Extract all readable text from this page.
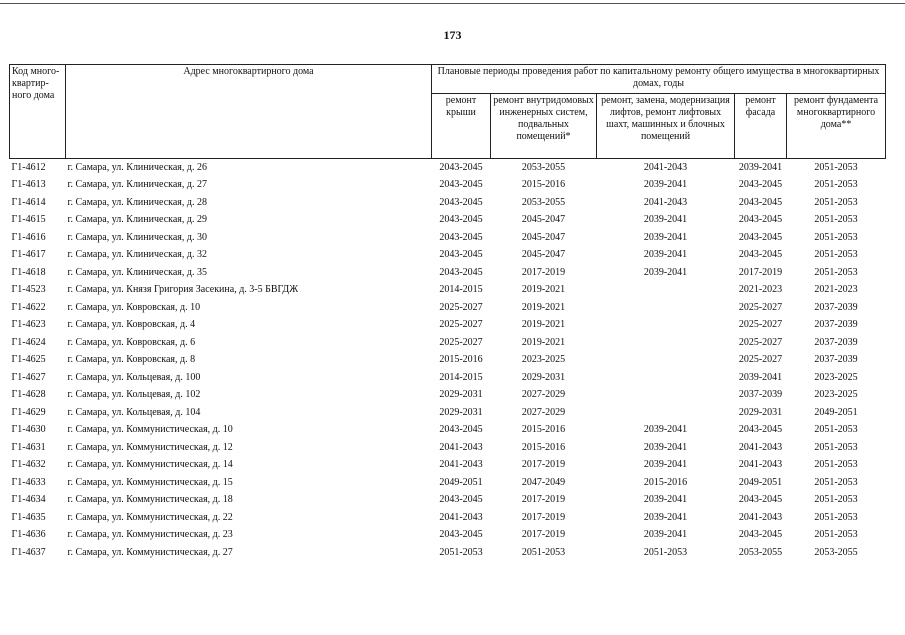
173
Код много-квартир-ного дома	Адрес многоквартирного дома	Плановые периоды проведения работ по капитальному ремонту общего имущества в многоквартирных домах, годы				
		ремонт крыши	ремонт внутридомовых инженерных систем, подвальных помещений*	ремонт, замена, модернизация лифтов, ремонт лифтовых шахт, машинных и блочных помещений	ремонт фасада	ремонт фундамента многоквартирного дома**
Г1-4612	г. Самара, ул. Клиническая, д. 26	2043-2045	2053-2055	2041-2043	2039-2041	2051-2053
Г1-4613	г. Самара, ул. Клиническая, д. 27	2043-2045	2015-2016	2039-2041	2043-2045	2051-2053
Г1-4614	г. Самара, ул. Клиническая, д. 28	2043-2045	2053-2055	2041-2043	2043-2045	2051-2053
Г1-4615	г. Самара, ул. Клиническая, д. 29	2043-2045	2045-2047	2039-2041	2043-2045	2051-2053
Г1-4616	г. Самара, ул. Клиническая, д. 30	2043-2045	2045-2047	2039-2041	2043-2045	2051-2053
Г1-4617	г. Самара, ул. Клиническая, д. 32	2043-2045	2045-2047	2039-2041	2043-2045	2051-2053
Г1-4618	г. Самара, ул. Клиническая, д. 35	2043-2045	2017-2019	2039-2041	2017-2019	2051-2053
Г1-4523	г. Самара, ул. Князя Григория Засекина, д. 3-5 БВГДЖ	2014-2015	2019-2021		2021-2023	2021-2023
Г1-4622	г. Самара, ул. Ковровская, д. 10	2025-2027	2019-2021		2025-2027	2037-2039
Г1-4623	г. Самара, ул. Ковровская, д. 4	2025-2027	2019-2021		2025-2027	2037-2039
Г1-4624	г. Самара, ул. Ковровская, д. 6	2025-2027	2019-2021		2025-2027	2037-2039
Г1-4625	г. Самара, ул. Ковровская, д. 8	2015-2016	2023-2025		2025-2027	2037-2039
Г1-4627	г. Самара, ул. Кольцевая, д. 100	2014-2015	2029-2031		2039-2041	2023-2025
Г1-4628	г. Самара, ул. Кольцевая, д. 102	2029-2031	2027-2029		2037-2039	2023-2025
Г1-4629	г. Самара, ул. Кольцевая, д. 104	2029-2031	2027-2029		2029-2031	2049-2051
Г1-4630	г. Самара, ул. Коммунистическая, д. 10	2043-2045	2015-2016	2039-2041	2043-2045	2051-2053
Г1-4631	г. Самара, ул. Коммунистическая, д. 12	2041-2043	2015-2016	2039-2041	2041-2043	2051-2053
Г1-4632	г. Самара, ул. Коммунистическая, д. 14	2041-2043	2017-2019	2039-2041	2041-2043	2051-2053
Г1-4633	г. Самара, ул. Коммунистическая, д. 15	2049-2051	2047-2049	2015-2016	2049-2051	2051-2053
Г1-4634	г. Самара, ул. Коммунистическая, д. 18	2043-2045	2017-2019	2039-2041	2043-2045	2051-2053
Г1-4635	г. Самара, ул. Коммунистическая, д. 22	2041-2043	2017-2019	2039-2041	2041-2043	2051-2053
Г1-4636	г. Самара, ул. Коммунистическая, д. 23	2043-2045	2017-2019	2039-2041	2043-2045	2051-2053
Г1-4637	г. Самара, ул. Коммунистическая, д. 27	2051-2053	2051-2053	2051-2053	2053-2055	2053-2055
